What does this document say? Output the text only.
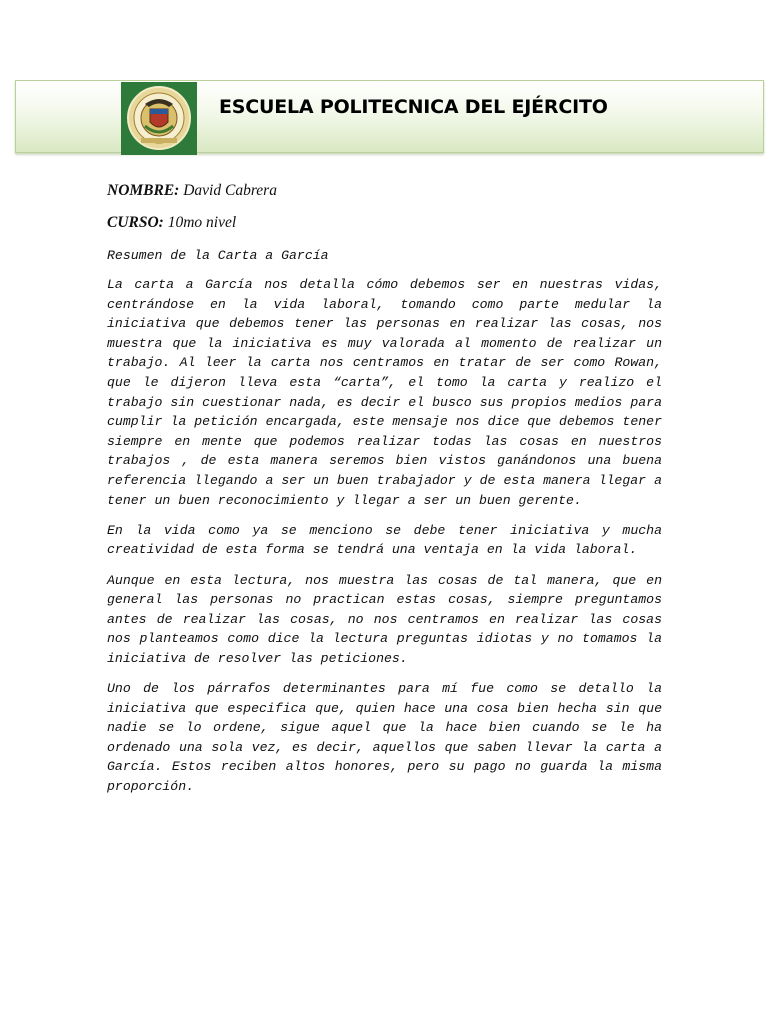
ESCUELA POLITECNICA DEL EJÉRCITO
NOMBRE: David Cabrera
CURSO: 10mo nivel
Resumen de la Carta a García

La carta a García nos detalla cómo debemos ser en nuestras vidas, centrándose en la vida laboral, tomando como parte medular la iniciativa que debemos tener las personas en realizar las cosas, nos muestra que la iniciativa es muy valorada al momento de realizar un trabajo. Al leer la carta nos centramos en tratar de ser como Rowan, que le dijeron lleva esta “carta”, el tomo la carta y realizo el trabajo sin cuestionar nada, es decir el busco sus propios medios para cumplir la petición encargada, este mensaje nos dice que debemos tener siempre en mente que podemos realizar todas las cosas en nuestros trabajos , de esta manera seremos bien vistos ganándonos una buena referencia llegando a ser un buen trabajador y de esta manera llegar a tener un buen reconocimiento y llegar a ser un buen gerente.

En la vida como ya se menciono se debe tener iniciativa y mucha creatividad de esta forma se tendrá una ventaja en la vida laboral.

Aunque en esta lectura, nos muestra las cosas de tal manera, que en general las personas no practican estas cosas, siempre preguntamos antes de realizar las cosas, no nos centramos en realizar las cosas nos planteamos como dice la lectura preguntas idiotas y no tomamos la iniciativa de resolver las peticiones.

Uno de los párrafos determinantes para mí fue como se detallo la iniciativa que especifica que, quien hace una cosa bien hecha sin que nadie se lo ordene, sigue aquel que la hace bien cuando se le ha ordenado una sola vez, es decir, aquellos que saben llevar la carta a García. Estos reciben altos honores, pero su pago no guarda la misma proporción.
